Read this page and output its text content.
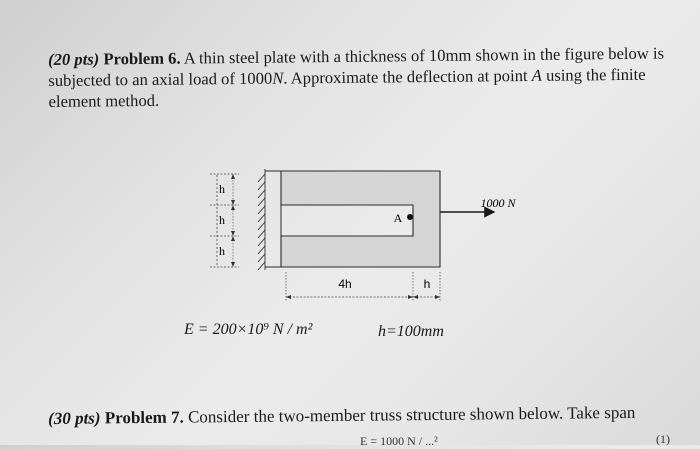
(20 pts) Problem 6. A thin steel plate with a thickness of 10mm shown in the figure below is subjected to an axial load of 1000N. Approximate the deflection at point A using the finite element method.
h
h
h
A
1000 N
4h	h
E = 200×10⁹ N / m²	h=100mm
(30 pts) Problem 7. Consider the two-member truss structure shown below. Take span
E = 1000 N / ...²	(1)
